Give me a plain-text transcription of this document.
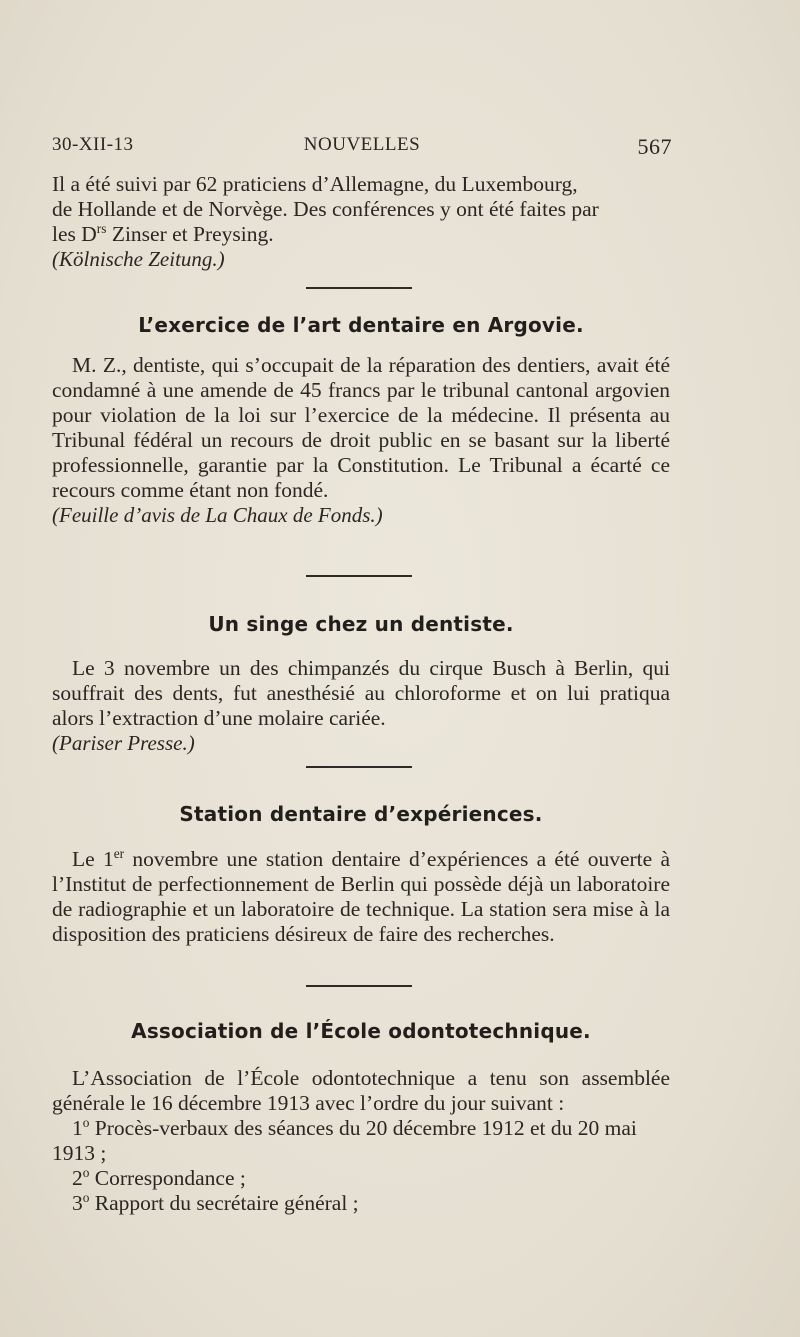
30-XII-13	NOUVELLES	567

Il a été suivi par 62 praticiens d’Allemagne, du Luxembourg,

de Hollande et de Norvège. Des conférences y ont été faites par

les $D^{rs}$ Zinser et Preysing.

(Kölnische Zeitung.)

L’exercice de l’art dentaire en Argovie.

M. Z., dentiste, qui s’occupait de la réparation des dentiers, avait été condamné à une amende de 45 francs par le tribunal cantonal argovien pour violation de la loi sur l’exercice de la médecine. Il présenta au Tribunal fédéral un recours de droit public en se basant sur la liberté professionnelle, garantie par la Constitution. Le Tribunal a écarté ce recours comme étant non fondé.

(Feuille d’avis de La Chaux de Fonds.)

Un singe chez un dentiste.

Le 3 novembre un des chimpanzés du cirque Busch à Berlin, qui souffrait des dents, fut anesthésié au chloroforme et on lui pratiqua alors l’extraction d’une molaire cariée.

(Pariser Presse.)

Station dentaire d’expériences.

Le 1er novembre une station dentaire d’expériences a été ouverte à l’Institut de perfectionnement de Berlin qui possède déjà un laboratoire de radiographie et un laboratoire de technique. La station sera mise à la disposition des praticiens désireux de faire des recherches.

Association de l’École odontotechnique.

L’Association de l’École odontotechnique a tenu son assemblée générale le 16 décembre 1913 avec l’ordre du jour suivant :

1$^o$ Procès-verbaux des séances du 20 décembre 1912 et du 20 mai 1913 ;

2$^o$ Correspondance ;

3$^o$ Rapport du secrétaire général ;
